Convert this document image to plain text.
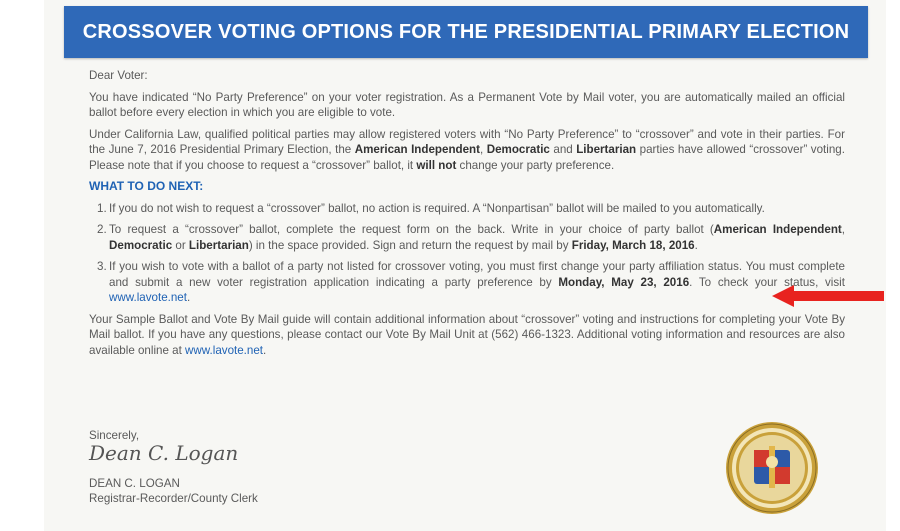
CROSSOVER VOTING OPTIONS FOR THE PRESIDENTIAL PRIMARY ELECTION

Dear Voter:

You have indicated “No Party Preference” on your voter registration. As a Permanent Vote by Mail voter, you are automatically mailed an official ballot before every election in which you are eligible to vote.

Under California Law, qualified political parties may allow registered voters with “No Party Preference” to “crossover” and vote in their parties. For the June 7, 2016 Presidential Primary Election, the American Independent, Democratic and Libertarian parties have allowed “crossover” voting. Please note that if you choose to request a “crossover” ballot, it will not change your party preference.

WHAT TO DO NEXT:
1. If you do not wish to request a “crossover” ballot, no action is required. A “Nonpartisan” ballot will be mailed to you automatically.
2. To request a “crossover” ballot, complete the request form on the back. Write in your choice of party ballot (American Independent, Democratic or Libertarian) in the space provided. Sign and return the request by mail by Friday, March 18, 2016.
3. If you wish to vote with a ballot of a party not listed for crossover voting, you must first change your party affiliation status. You must complete and submit a new voter registration application indicating a party preference by Monday, May 23, 2016. To check your status, visit www.lavote.net.

Your Sample Ballot and Vote By Mail guide will contain additional information about “crossover” voting and instructions for completing your Vote By Mail ballot. If you have any questions, please contact our Vote By Mail Unit at (562) 466-1323. Additional voting information and resources are also available online at www.lavote.net.

Sincerely,
Dean C. Logan
DEAN C. LOGAN
Registrar-Recorder/County Clerk
